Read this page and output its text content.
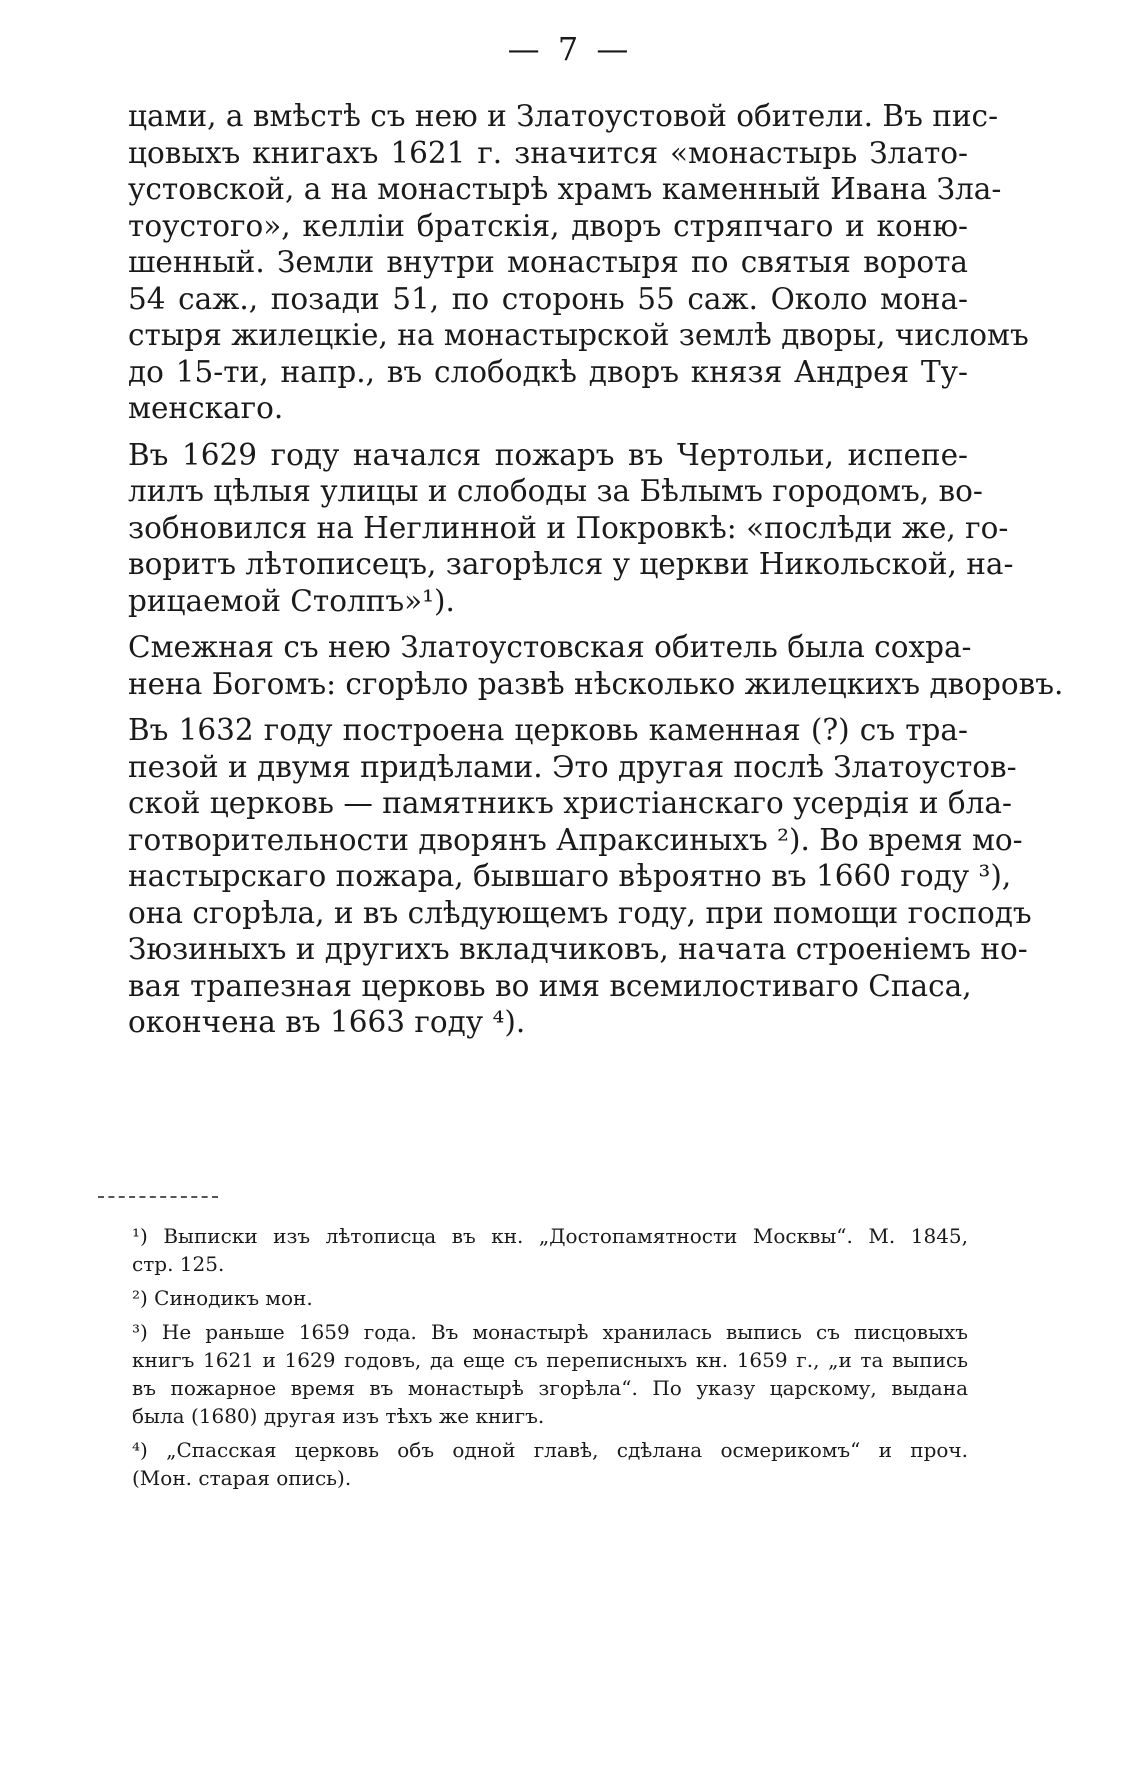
— 7 —

цами, а вмѣстѣ съ нею и Златоустовой обители. Въ пис-
цовыхъ книгахъ 1621 г. значится «монастырь Злато-
устовской, а на монастырѣ храмъ каменный Ивана Зла-
тоустого», келліи братскія, дворъ стряпчаго и коню-
шенный. Земли внутри монастыря по святыя ворота
54 саж., позади 51, по сторонь 55 саж. Около мона-
стыря жилецкіе, на монастырской землѣ дворы, числомъ
до 15-ти, напр., въ слободкѣ дворъ князя Андрея Ту-
менскаго.

Въ 1629 году начался пожаръ въ Чертольи, испепе-
лилъ цѣлыя улицы и слободы за Бѣлымъ городомъ, во-
зобновился на Неглинной и Покровкѣ: «послѣди же, го-
воритъ лѣтописецъ, загорѣлся у церкви Никольской, на-
рицаемой Столпъ»¹).

Смежная съ нею Златоустовская обитель была сохра-
нена Богомъ: сгорѣло развѣ нѣсколько жилецкихъ дворовъ.

Въ 1632 году построена церковь каменная (?) съ тра-
пезой и двумя придѣлами. Это другая послѣ Златоустов-
ской церковь — памятникъ христіанскаго усердія и бла-
готворительности дворянъ Апраксиныхъ ²). Во время мо-
настырскаго пожара, бывшаго вѣроятно въ 1660 году ³),
она сгорѣла, и въ слѣдующемъ году, при помощи господъ
Зюзиныхъ и другихъ вкладчиковъ, начата строеніемъ но-
вая трапезная церковь во имя всемилостиваго Спаса,
окончена въ 1663 году ⁴).

¹) Выписки изъ лѣтописца въ кн. „Достопамятности Москвы“. М. 1845,
стр. 125.
²) Синодикъ мон.
³) Не раньше 1659 года. Въ монастырѣ хранилась выпись съ писцовыхъ
книгъ 1621 и 1629 годовъ, да еще съ переписныхъ кн. 1659 г., „и та выпись
въ пожарное время въ монастырѣ згорѣла“. По указу царскому, выдана
была (1680) другая изъ тѣхъ же книгъ.
⁴) „Спасская церковь объ одной главѣ, сдѣлана осмерикомъ“ и проч.
(Мон. старая опись).
